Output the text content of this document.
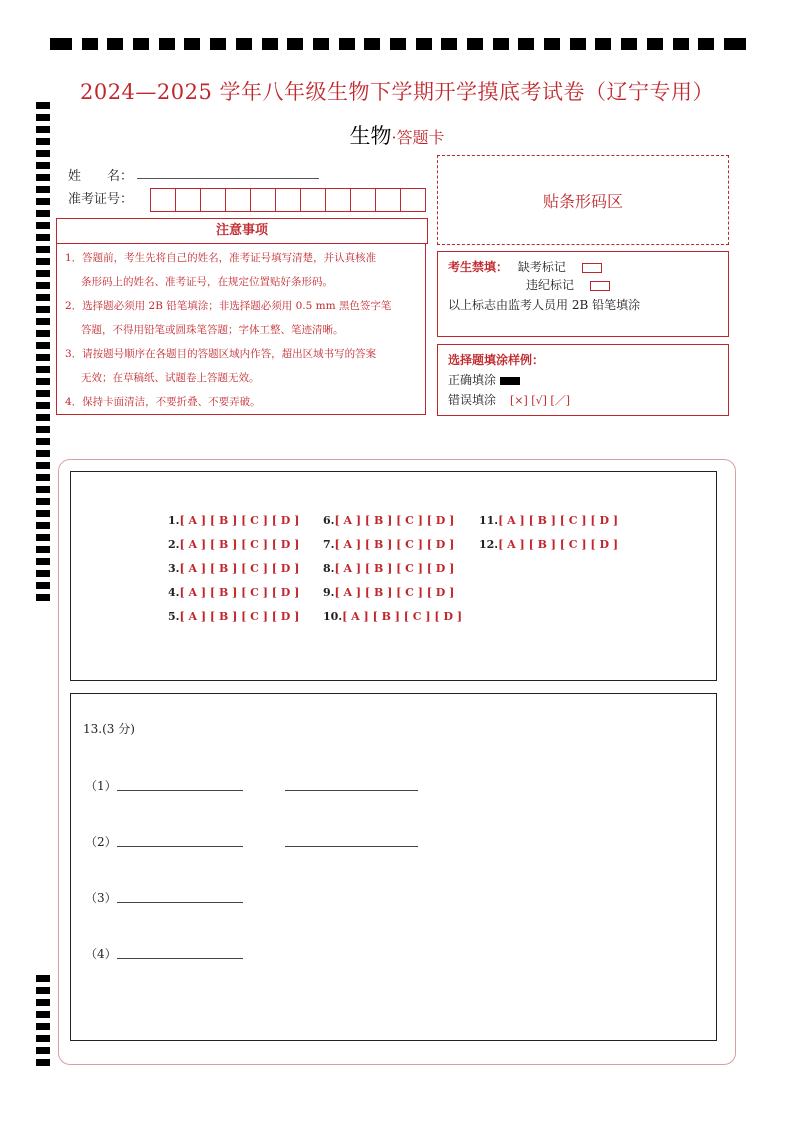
2024—2025 学年八年级生物下学期开学摸底考试卷（辽宁专用）
生物·答题卡
姓　　名：
准考证号：	贴条形码区
注意事项

1．答题前，考生先将自己的姓名，准考证号填写清楚，并认真核准

条形码上的姓名、准考证号，在规定位置贴好条形码。

2．选择题必须用 2B 铅笔填涂；非选择题必须用 0.5 mm 黑色签字笔

答题，不得用铅笔或圆珠笔答题；字体工整、笔迹清晰。

3．请按题号顺序在各题目的答题区域内作答，超出区域书写的答案

无效；在草稿纸、试题卷上答题无效。

4．保持卡面清洁，不要折叠、不要弄破。

考生禁填： 缺考标记
违纪标记
以上标志由监考人员用 2B 铅笔填涂
选择题填涂样例：
正确填涂
错误填涂 [×] [√] [／]
1.[ A ] [ B ] [ C ] [ D ]
2.[ A ] [ B ] [ C ] [ D ]
3.[ A ] [ B ] [ C ] [ D ]
4.[ A ] [ B ] [ C ] [ D ]
5.[ A ] [ B ] [ C ] [ D ]
6.[ A ] [ B ] [ C ] [ D ]
7.[ A ] [ B ] [ C ] [ D ]
8.[ A ] [ B ] [ C ] [ D ]
9.[ A ] [ B ] [ C ] [ D ]
10.[ A ] [ B ] [ C ] [ D ]
11.[ A ] [ B ] [ C ] [ D ]
12.[ A ] [ B ] [ C ] [ D ]
13.(3 分)
（1）
（2）
（3）
（4）
